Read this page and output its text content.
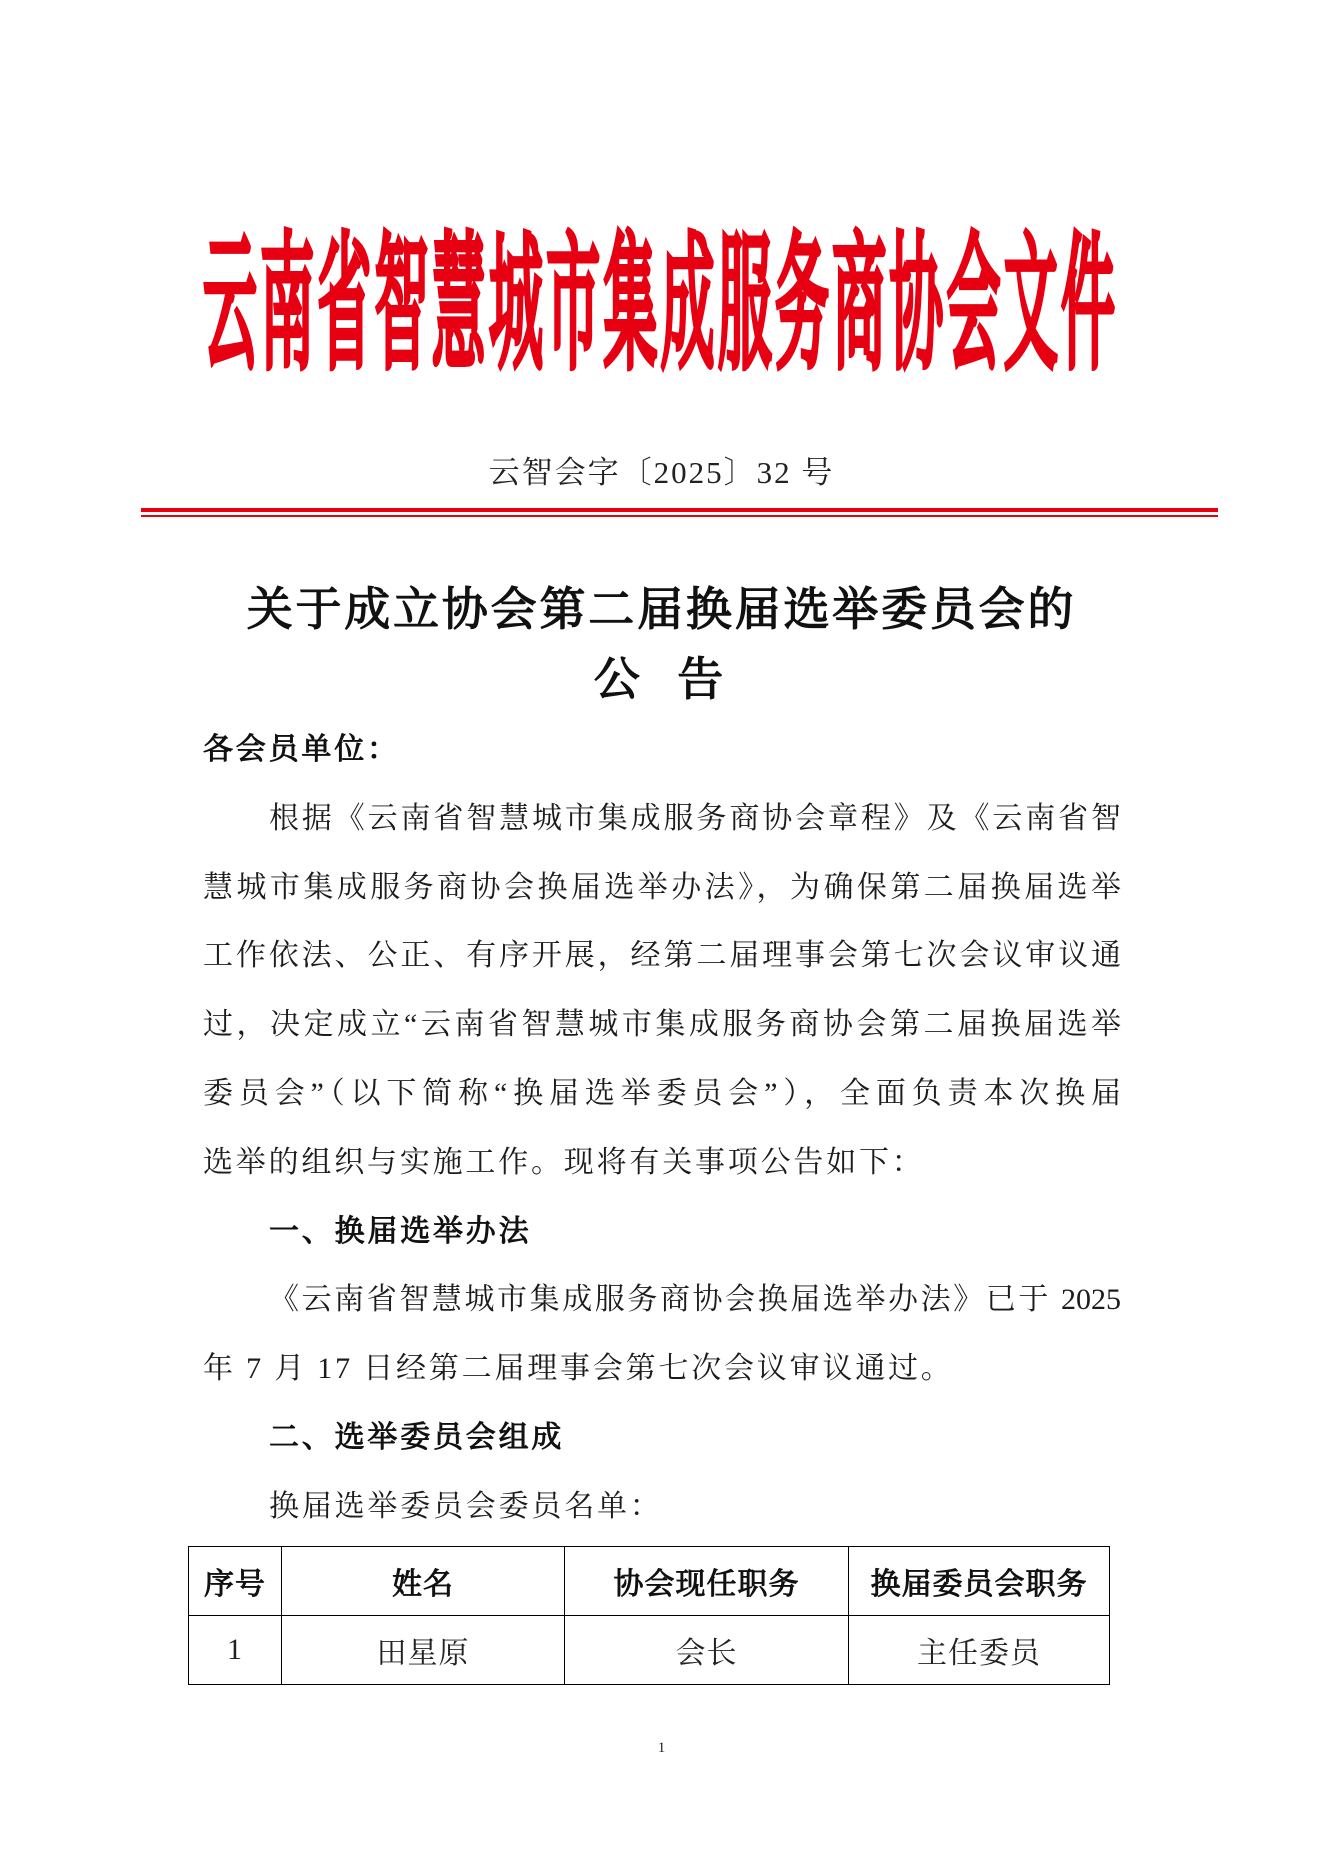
云南省智慧城市集成服务商协会文件
云智会字〔2025〕32 号
关于成立协会第二届换届选举委员会的
公 告
各会员单位：
根据《云南省智慧城市集成服务商协会章程》及《云南省智
慧城市集成服务商协会换届选举办法》，为确保第二届换届选举
工作依法、公正、有序开展，经第二届理事会第七次会议审议通
过，决定成立“云南省智慧城市集成服务商协会第二届换届选举
委员会”（以下简称“换届选举委员会”），全面负责本次换届
选举的组织与实施工作。现将有关事项公告如下：
一、换届选举办法
《云南省智慧城市集成服务商协会换届选举办法》已于 2025
年 7 月 17 日经第二届理事会第七次会议审议通过。
二、选举委员会组成
换届选举委员会委员名单：
序号	姓名	协会现任职务	换届委员会职务
1	田星原	会长	主任委员
1
